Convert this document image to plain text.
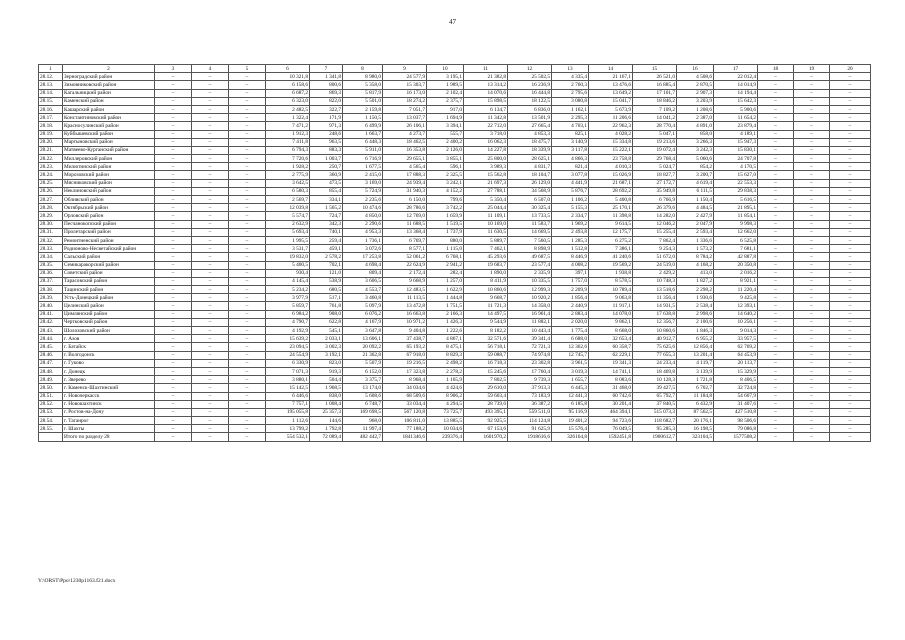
47
1	2	3	4	5	6	7	8	9	10	11	12	13	14	15	16	17	18	19	20
28.12.	Зерноградский район	–	–	–	10 321,8	1 341,8	8 980,0	24 577,9	3 195,1	21 382,8	25 502,5	4 335,4	21 167,1	26 521,0	4 508,6	22 012,4	–	–	–
28.13.	Зимовниковский район	–	–	–	6 158,6	800,6	5 358,0	15 303,7	1 989,5	13 314,2	16 236,9	2 760,3	13 476,6	16 885,4	2 870,5	14 014,9	–	–	–
28.14.	Кагальницкий район	–	–	–	6 687,2	869,3	5 817,9	16 173,0	2 102,4	14 070,6	16 444,8	2 795,6	13 649,2	17 101,7	2 907,3	14 194,4	–	–	–
28.15.	Каменский район	–	–	–	6 323,0	822,0	5 501,0	18 274,2	2 375,7	15 898,5	18 122,5	3 080,8	15 041,7	18 846,2	3 203,9	15 642,3	–	–	–
28.16.	Кашарский район	–	–	–	2 482,5	322,7	2 159,8	7 051,7	917,0	6 134,7	6 836,0	1 162,1	5 673,9	7 109,2	1 208,6	5 900,6	–	–	–
28.17.	Константиновский район	–	–	–	1 322,4	171,9	1 150,5	13 037,7	1 694,9	11 342,8	13 501,9	2 295,3	11 206,6	14 041,2	2 387,0	11 654,2	–	–	–
28.18.	Красносулинский район	–	–	–	7 471,2	971,3	6 499,9	26 106,1	3 394,1	22 712,0	27 665,4	4 703,1	22 962,3	28 770,4	4 891,0	23 879,4	–	–	–
28.19.	Куйбышевский район	–	–	–	1 912,3	248,6	1 663,7	4 273,7	555,7	3 718,0	4 853,3	825,1	4 028,2	5 047,1	858,0	4 189,1	–	–	–
28.20.	Мартыновский район	–	–	–	7 411,8	963,5	6 448,3	18 462,5	2 400,2	16 062,3	18 475,7	3 140,9	15 334,8	19 213,6	3 266,3	15 947,3	–	–	–
28.21.	Матвеево-Курганский район	–	–	–	6 794,3	883,3	5 911,0	16 353,8	2 126,0	14 227,8	18 339,9	3 117,8	15 222,1	19 072,4	3 242,3	15 830,1	–	–	–
28.22.	Миллеровский район	–	–	–	7 720,6	1 003,7	6 716,9	29 655,1	3 855,1	25 800,0	28 625,1	4 866,3	23 758,8	29 768,4	5 060,6	24 707,8	–	–	–
28.23.	Милютинский район	–	–	–	1 928,2	250,7	1 677,5	4 565,4	596,1	3 989,3	4 831,7	821,4	4 010,3	5 024,7	854,2	4 170,5	–	–	–
28.24.	Морозовский район	–	–	–	2 775,9	360,9	2 415,0	17 888,3	2 325,5	15 562,8	18 104,7	3 077,8	15 026,9	18 827,7	3 200,7	15 627,0	–	–	–
28.25.	Мясниковский район	–	–	–	3 642,5	473,5	3 169,0	24 939,4	3 242,1	21 697,3	26 129,0	4 441,9	21 687,1	27 172,7	4 619,4	22 553,3	–	–	–
28.26.	Неклиновский район	–	–	–	6 580,3	855,4	5 724,9	31 940,3	4 152,2	27 788,1	34 568,9	5 876,7	28 692,2	35 949,8	6 111,5	29 838,3	–	–	–
28.27.	Обливский район	–	–	–	2 569,7	334,1	2 235,6	6 150,0	799,6	5 350,4	6 507,0	1 106,2	5 400,8	6 766,9	1 150,4	5 616,5	–	–	–
28.28.	Октябрьский район	–	–	–	12 039,8	1 565,2	10 474,6	28 786,6	3 742,2	25 044,4	30 325,4	5 155,3	25 170,1	26 379,6	4 484,5	21 895,1	–	–	–
28.29.	Орловский район	–	–	–	5 574,7	724,7	4 850,0	12 769,0	1 659,9	11 109,1	13 733,5	2 334,7	11 398,8	14 282,0	2 427,9	11 854,1	–	–	–
28.30.	Песчанокопский район	–	–	–	2 632,9	342,3	2 290,6	11 688,5	1 519,5	10 169,0	11 583,7	1 969,2	9 614,5	12 046,2	2 047,9	9 998,3	–	–	–
28.31.	Пролетарский район	–	–	–	5 693,4	740,1	4 953,3	13 368,4	1 737,9	11 630,5	14 669,5	2 493,8	12 175,7	15 255,4	2 593,4	12 662,0	–	–	–
28.32.	Ремонтненский район	–	–	–	1 995,5	259,4	1 736,1	6 769,7	880,0	5 889,7	7 560,5	1 285,3	6 275,2	7 862,4	1 336,6	6 525,8	–	–	–
28.33.	Родионово-Несветайский район	–	–	–	3 531,7	459,1	3 072,6	8 577,1	1 115,0	7 462,1	8 898,9	1 512,8	7 386,1	9 254,3	1 573,2	7 681,1	–	–	–
28.34.	Сальский район	–	–	–	19 832,0	2 578,2	17 253,8	52 061,2	6 768,1	45 293,6	49 687,5	8 446,9	41 240,6	51 672,0	8 784,2	42 887,8	–	–	–
28.35.	Семикаракорский район	–	–	–	5 400,5	702,1	4 698,4	22 624,9	2 941,2	19 683,7	23 577,4	4 008,2	19 569,2	24 519,0	4 168,2	20 350,8	–	–	–
28.36.	Советский район	–	–	–	930,4	121,0	809,4	2 172,4	282,4	1 890,0	2 335,9	397,1	1 938,8	2 429,2	413,0	2 016,2	–	–	–
28.37.	Тарасовский район	–	–	–	4 145,4	538,9	3 606,5	9 668,9	1 257,0	8 411,9	10 335,5	1 757,0	8 578,5	10 748,3	1 827,2	8 921,1	–	–	–
28.38.	Тацинский район	–	–	–	5 234,2	680,5	4 553,7	12 483,5	1 622,9	10 860,6	12 999,3	2 209,9	10 789,4	13 518,6	2 298,2	11 220,4	–	–	–
28.39.	Усть-Донецкий район	–	–	–	3 977,9	517,1	3 460,8	11 113,5	1 444,8	9 668,7	10 920,2	1 856,4	9 063,8	11 356,4	1 930,6	9 425,8	–	–	–
28.40.	Целинский район	–	–	–	5 859,7	761,8	5 097,9	13 472,8	1 751,5	11 721,3	14 358,0	2 440,9	11 917,1	14 931,5	2 538,4	12 393,1	–	–	–
28.41.	Цимлянский район	–	–	–	6 984,2	908,0	6 076,2	16 663,8	2 166,3	14 497,5	16 961,4	2 883,4	14 078,0	17 638,8	2 998,6	14 640,2	–	–	–
28.42.	Чертковский район	–	–	–	4 790,7	622,8	4 167,9	10 971,2	1 426,3	9 544,9	11 882,1	2 020,0	9 862,1	12 356,7	2 100,6	10 256,1	–	–	–
28.43.	Шолоховский район	–	–	–	4 192,9	545,1	3 647,8	9 404,8	1 222,6	8 182,2	10 443,4	1 775,4	8 668,0	10 860,6	1 846,3	9 014,3	–	–	–
28.44.	г. Азов	–	–	–	15 639,2	2 033,1	13 606,1	37 438,7	4 867,1	32 571,6	39 341,4	6 688,0	32 653,4	40 912,7	6 955,2	33 957,5	–	–	–
28.45.	г. Батайск	–	–	–	23 094,5	3 002,3	20 092,2	65 193,2	8 475,1	56 718,1	72 721,3	12 362,6	60 358,7	75 625,6	12 856,4	62 769,2	–	–	–
28.46.	г. Волгодонск	–	–	–	24 554,9	3 192,1	21 362,8	67 918,0	8 829,3	59 088,7	74 974,8	12 745,7	62 229,1	77 655,3	13 201,4	64 453,9	–	–	–
28.47.	г. Гуково	–	–	–	6 330,9	823,0	5 507,9	19 216,5	2 498,2	16 718,3	23 302,8	3 961,5	19 341,3	24 233,4	4 119,7	20 113,7	–	–	–
28.48.	г. Донецк	–	–	–	7 071,3	919,3	6 152,0	17 323,8	2 278,2	15 245,6	17 760,4	3 019,3	14 741,1	18 469,8	3 139,9	15 329,9	–	–	–
28.49.	г. Зверево	–	–	–	3 880,1	504,4	3 375,7	8 968,4	1 165,9	7 802,5	9 739,3	1 655,7	8 083,6	10 128,3	1 721,8	8 406,5	–	–	–
28.50.	г. Каменск-Шахтинский	–	–	–	15 142,5	1 968,5	13 174,0	34 034,6	4 424,6	29 610,0	37 913,3	6 445,3	31 468,0	39 427,5	6 702,7	32 724,8	–	–	–
28.51.	г. Новочеркасск	–	–	–	6 446,6	838,0	5 608,6	68 509,6	8 906,2	59 603,4	73 183,9	12 441,3	60 742,6	65 792,7	11 184,8	54 607,9	–	–	–
28.52.	г. Новошахтинск	–	–	–	7 757,1	1 008,4	6 748,7	33 034,4	4 294,5	28 739,6	36 387,2	6 185,8	30 201,4	37 840,5	6 432,9	31 407,6	–	–	–
28.53.	г. Ростов-на-Дону	–	–	–	195 055,8	25 357,3	169 698,5	567 120,8	73 725,7	493 395,1	559 511,0	95 116,9	464 394,1	515 073,3	87 562,5	427 510,8	–	–	–
28.54.	г. Таганрог	–	–	–	1 112,6	144,6	968,0	106 811,0	13 885,5	92 925,5	114 124,8	19 401,2	94 723,6	118 682,7	20 176,1	98 506,6	–	–	–
28.55.	г. Шахты	–	–	–	13 799,2	1 792,8	11 997,4	77 188,2	10 034,6	67 153,6	91 625,9	15 576,4	76 049,5	95 285,3	16 198,5	79 086,8	–	–	–
	Итого по разделу 28	–	–	–	554 532,1	72 089,4	482 442,7	1841346,6	239376,4	1601970,2	1918616,6	326164,8	1592451,8	1900612,7	323104,5	1577508,2	–	–	–
Y:\ORST\Ppo\1230p1163.f21.docx
